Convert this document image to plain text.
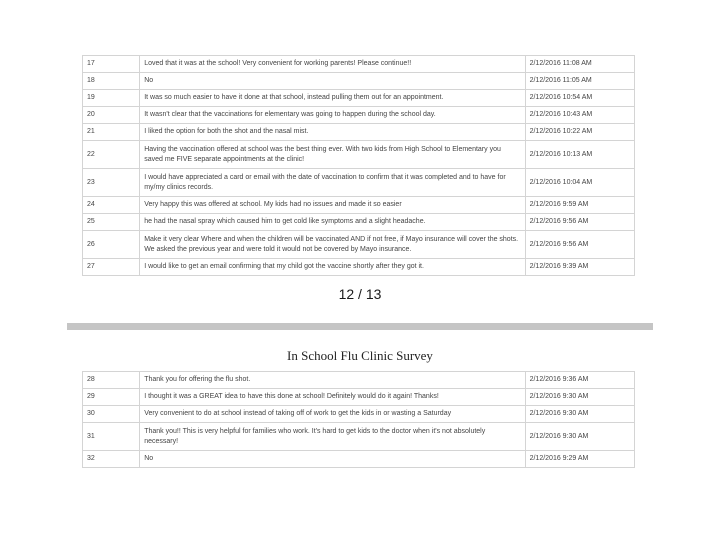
17	Loved that it was at the school! Very convenient for working parents! Please continue!!	2/12/2016 11:08 AM
18	No	2/12/2016 11:05 AM
19	It was so much easier to have it done at that school, instead pulling them out for an appointment.	2/12/2016 10:54 AM
20	It wasn't clear that the vaccinations for elementary was going to happen during the school day.	2/12/2016 10:43 AM
21	I liked the option for both the shot and the nasal mist.	2/12/2016 10:22 AM
22	Having the vaccination offered at school was the best thing ever. With two kids from High School to Elementary you saved me FIVE separate appointments at the clinic!	2/12/2016 10:13 AM
23	I would have appreciated a card or email with the date of vaccination to confirm that it was completed and to have for my/my clinics records.	2/12/2016 10:04 AM
24	Very happy this was offered at school. My kids had no issues and made it so easier	2/12/2016 9:59 AM
25	he had the nasal spray which caused him to get cold like symptoms and a slight headache.	2/12/2016 9:56 AM
26	Make it very clear Where and when the children will be vaccinated AND if not free, if Mayo insurance will cover the shots. We asked the previous year and were told it would not be covered by Mayo insurance.	2/12/2016 9:56 AM
27	I would like to get an email confirming that my child got the vaccine shortly after they got it.	2/12/2016 9:39 AM
12 / 13
In School Flu Clinic Survey
28	Thank you for offering the flu shot.	2/12/2016 9:36 AM
29	I thought it was a GREAT idea to have this done at school! Definitely would do it again! Thanks!	2/12/2016 9:30 AM
30	Very convenient to do at school instead of taking off of work to get the kids in or wasting a Saturday	2/12/2016 9:30 AM
31	Thank you!! This is very helpful for families who work. It's hard to get kids to the doctor when it's not absolutely necessary!	2/12/2016 9:30 AM
32	No	2/12/2016 9:29 AM
